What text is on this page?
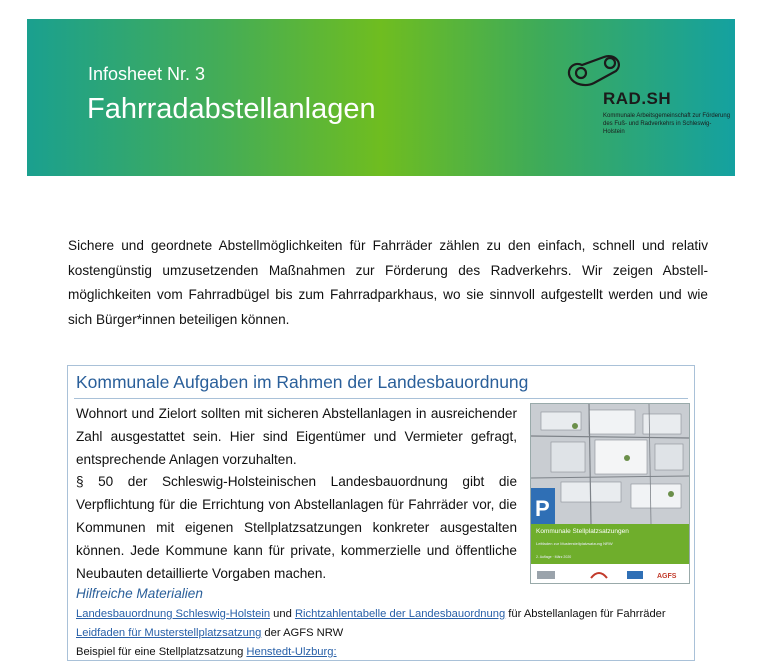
Infosheet Nr. 3
Fahrradabstellanlagen	RAD.SH
Kommunale Arbeitsgemeinschaft zur Förderung des Fuß- und Radverkehrs in Schleswig-Holstein
Sichere und geordnete Abstellmöglichkeiten für Fahrräder zählen zu den einfach, schnell und relativ kostengünstig umzusetzenden Maßnahmen zur Förderung des Radverkehrs. Wir zeigen Abstell-möglichkeiten vom Fahrradbügel bis zum Fahrradparkhaus, wo sie sinnvoll aufgestellt werden und wie sich Bürger*innen beteiligen können.
Kommunale Aufgaben im Rahmen der Landesbauordnung

Wohnort und Zielort sollten mit sicheren Abstellanlagen in ausreichender Zahl ausgestattet sein. Hier sind Eigentümer und Vermieter gefragt, entsprechende Anlagen vorzuhalten.

§ 50 der Schleswig-Holsteinischen Landesbauordnung gibt die Verpflichtung für die Errichtung von Abstellanlagen für Fahrräder vor, die Kommunen mit eigenen Stellplatzsatzungen konkreter ausgestalten können. Jede Kommune kann für private, kommerzielle und öffentliche Neubauten detaillierte Vorgaben machen.

P
Kommunale Stellplatzsatzungen
Leitfaden zur Musterstellplatzsatzung NRW
2. Auflage · März 2020
AGFS
Hilfreiche Materialien
Landesbauordnung Schleswig-Holstein und Richtzahlentabelle der Landesbauordnung für Abstellanlagen für Fahrräder
Leidfaden für Musterstellplatzsatzung der AGFS NRW
Beispiel für eine Stellplatzsatzung Henstedt-Ulzburg:
